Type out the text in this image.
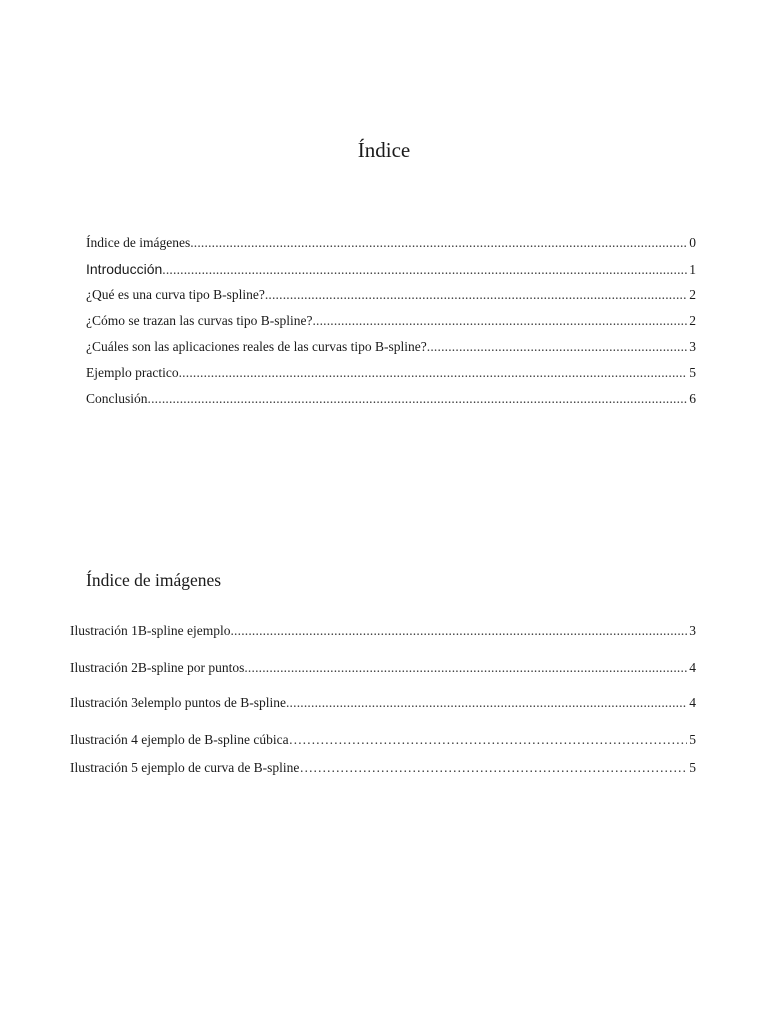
Índice
Índice de imágenes .....	0
Introducción .....	1
¿Qué es una curva tipo B-spline? .....	2
¿Cómo se trazan las curvas tipo B-spline? .....	2
¿Cuáles son las aplicaciones reales de las curvas tipo B-spline? .....	3
Ejemplo practico .....	5
Conclusión .....	6
Índice de imágenes
Ilustración 1B-spline ejemplo .....	3
Ilustración 2B-spline por puntos .....	4
Ilustración 3elemplo puntos de B-spline .....	4
Ilustración 4 ejemplo de B-spline cúbica ……………………………………………………………………………………………………………………………………………………………………………………………	5
Ilustración 5 ejemplo de curva de B-spline ……………………………………………………………………………………………………………………………………………………………………………………………	5
